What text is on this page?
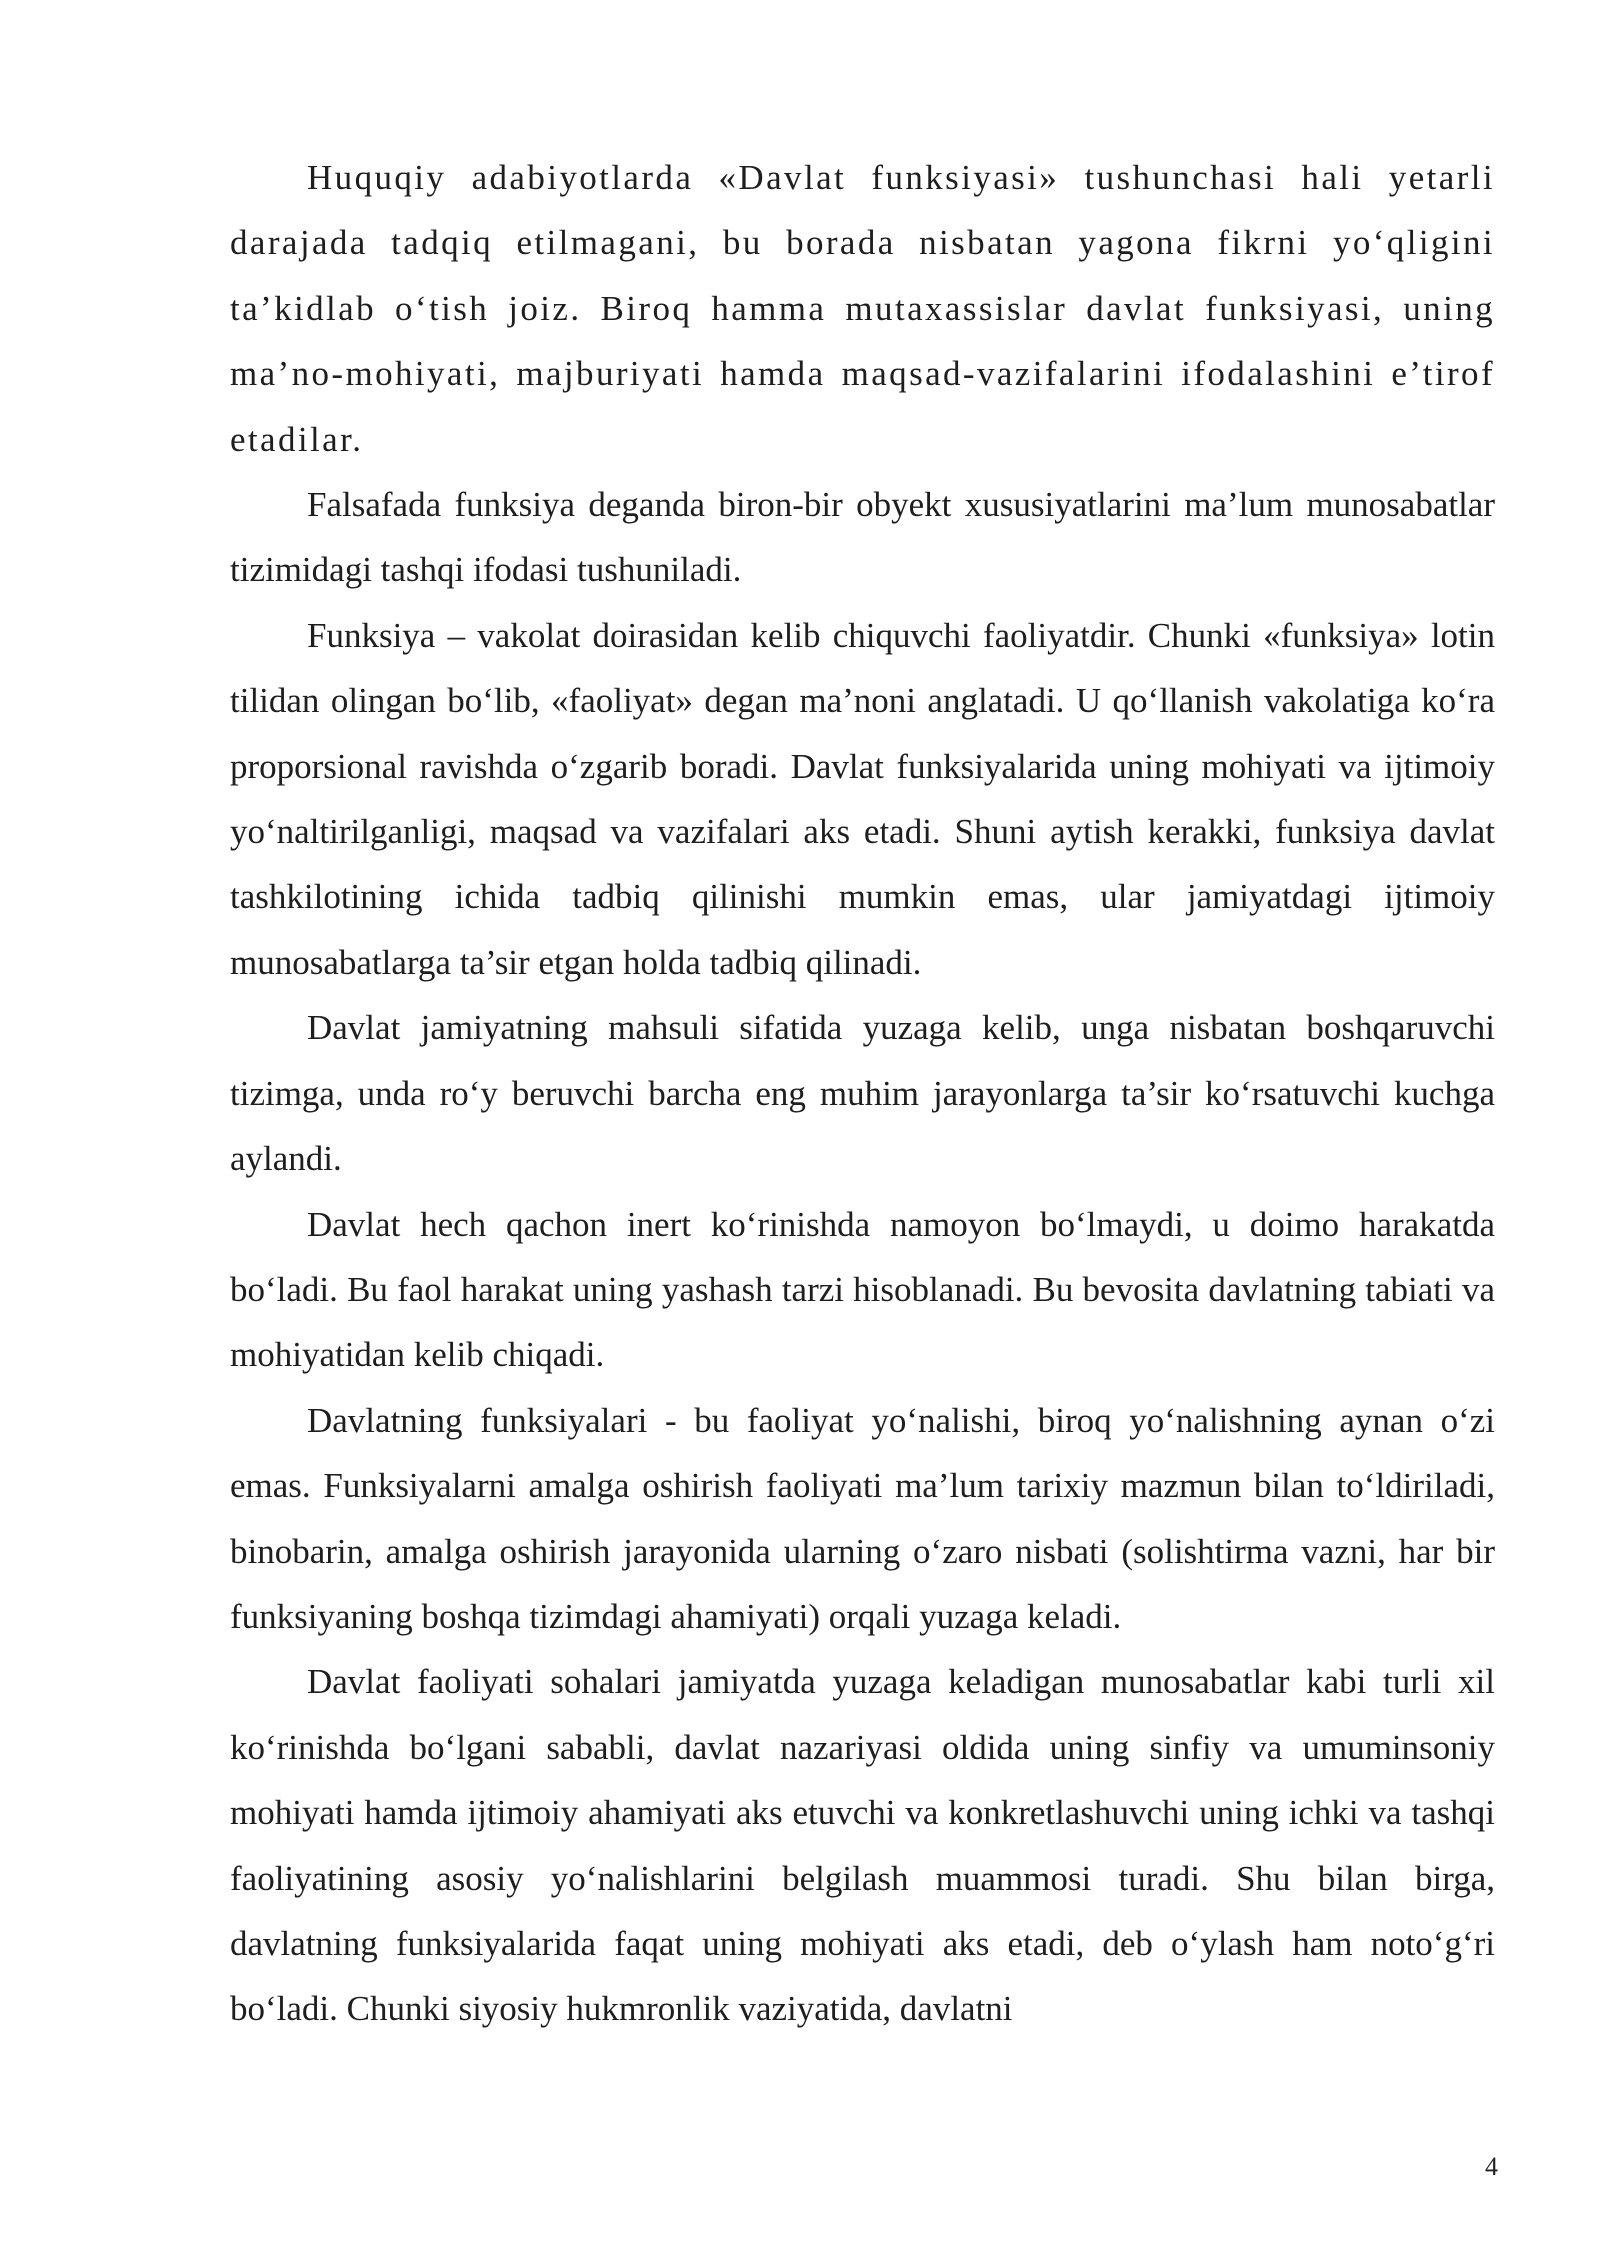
Huquqiy adabiyotlarda «Davlat funksiyasi» tushunchasi hali yetarli darajada tadqiq etilmagani, bu borada nisbatan yagona fikrni yo‘qligini ta’kidlab o‘tish joiz. Biroq hamma mutaxassislar davlat funksiyasi, uning ma’no-mohiyati, majburiyati hamda maqsad-vazifalarini ifodalashini e’tirof etadilar.

Falsafada funksiya deganda biron-bir obyekt xususiyatlarini ma’lum munosabatlar tizimidagi tashqi ifodasi tushuniladi.

Funksiya – vakolat doirasidan kelib chiquvchi faoliyatdir. Chunki «funksiya» lotin tilidan olingan bo‘lib, «faoliyat» degan ma’noni anglatadi. U qo‘llanish vakolatiga ko‘ra proporsional ravishda o‘zgarib boradi. Davlat funksiyalarida uning mohiyati va ijtimoiy yo‘naltirilganligi, maqsad va vazifalari aks etadi. Shuni aytish kerakki, funksiya davlat tashkilotining ichida tadbiq qilinishi mumkin emas, ular jamiyatdagi ijtimoiy munosabatlarga ta’sir etgan holda tadbiq qilinadi.

Davlat jamiyatning mahsuli sifatida yuzaga kelib, unga nisbatan boshqaruvchi tizimga, unda ro‘y beruvchi barcha eng muhim jarayonlarga ta’sir ko‘rsatuvchi kuchga aylandi.

Davlat hech qachon inert ko‘rinishda namoyon bo‘lmaydi, u doimo harakatda bo‘ladi. Bu faol harakat uning yashash tarzi hisoblanadi. Bu bevosita davlatning tabiati va mohiyatidan kelib chiqadi.

Davlatning funksiyalari - bu faoliyat yo‘nalishi, biroq yo‘nalishning aynan o‘zi emas. Funksiyalarni amalga oshirish faoliyati ma’lum tarixiy mazmun bilan to‘ldiriladi, binobarin, amalga oshirish jarayonida ularning o‘zaro nisbati (solishtirma vazni, har bir funksiyaning boshqa tizimdagi ahamiyati) orqali yuzaga keladi.

Davlat faoliyati sohalari jamiyatda yuzaga keladigan munosabatlar kabi turli xil ko‘rinishda bo‘lgani sababli, davlat nazariyasi oldida uning sinfiy va umuminsoniy mohiyati hamda ijtimoiy ahamiyati aks etuvchi va konkretlashuvchi uning ichki va tashqi faoliyatining asosiy yo‘nalishlarini belgilash muammosi turadi. Shu bilan birga, davlatning funksiyalarida faqat uning mohiyati aks etadi, deb o‘ylash ham noto‘g‘ri bo‘ladi. Chunki siyosiy hukmronlik vaziyatida, davlatni

4
